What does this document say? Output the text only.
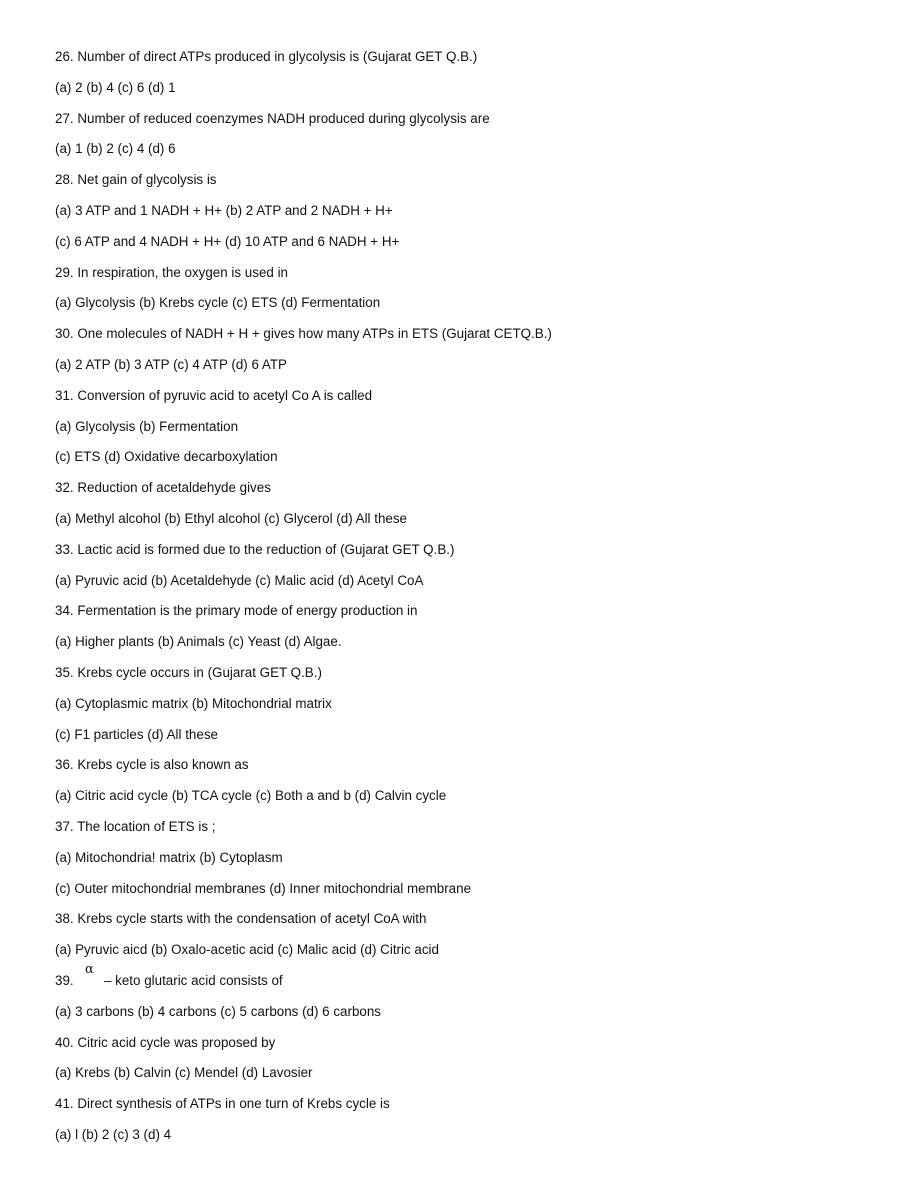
26. Number of direct ATPs produced in glycolysis is (Gujarat GET Q.B.)
(a) 2 (b) 4 (c) 6 (d) 1
27. Number of reduced coenzymes NADH produced during glycolysis are
(a) 1 (b) 2 (c) 4 (d) 6
28. Net gain of glycolysis is
(a) 3 ATP and 1 NADH + H+ (b) 2 ATP and 2 NADH + H+
(c) 6 ATP and 4 NADH + H+ (d) 10 ATP and 6 NADH + H+
29. In respiration, the oxygen is used in
(a) Glycolysis (b) Krebs cycle (c) ETS (d) Fermentation
30. One molecules of NADH + H + gives how many ATPs in ETS (Gujarat CETQ.B.)
(a) 2 ATP (b) 3 ATP (c) 4 ATP (d) 6 ATP
31. Conversion of pyruvic acid to acetyl Co A is called
(a) Glycolysis (b) Fermentation
(c) ETS (d) Oxidative decarboxylation
32. Reduction of acetaldehyde gives
(a) Methyl alcohol (b) Ethyl alcohol (c) Glycerol (d) All these
33. Lactic acid is formed due to the reduction of (Gujarat GET Q.B.)
(a) Pyruvic acid (b) Acetaldehyde (c) Malic acid (d) Acetyl CoA
34. Fermentation is the primary mode of energy production in
(a) Higher plants (b) Animals (c) Yeast (d) Algae.
35. Krebs cycle occurs in (Gujarat GET Q.B.)
(a) Cytoplasmic matrix (b) Mitochondrial matrix
(c) F1 particles (d) All these
36. Krebs cycle is also known as
(a) Citric acid cycle (b) TCA cycle (c) Both a and b (d) Calvin cycle
37. The location of ETS is ;
(a) Mitochondria! matrix (b) Cytoplasm
(c) Outer mitochondrial membranes (d) Inner mitochondrial membrane
38. Krebs cycle starts with the condensation of acetyl CoA with
(a) Pyruvic aicd (b) Oxalo-acetic acid (c) Malic acid (d) Citric acid
39.
α
– keto glutaric acid consists of
(a) 3 carbons (b) 4 carbons (c) 5 carbons (d) 6 carbons
40. Citric acid cycle was proposed by
(a) Krebs (b) Calvin (c) Mendel (d) Lavosier
41. Direct synthesis of ATPs in one turn of Krebs cycle is
(a) l (b) 2 (c) 3 (d) 4
